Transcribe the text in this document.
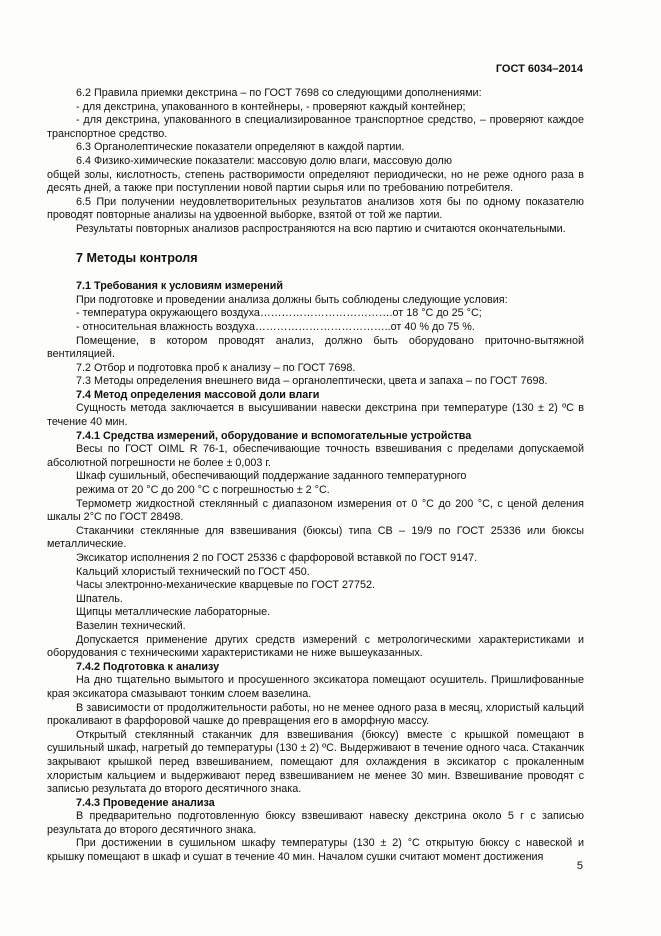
ГОСТ 6034–2014

6.2 Правила приемки декстрина – по ГОСТ 7698 со следующими дополнениями:

- для декстрина, упакованного в контейнеры, - проверяют каждый контейнер;

- для декстрина, упакованного в специализированное транспортное средство, – проверяют каждое транспортное средство.

6.3 Органолептические показатели определяют в каждой партии.

6.4 Физико-химические показатели: массовую долю влаги, массовую долю

общей золы, кислотность, степень растворимости определяют периодически, но не реже одного раза в десять дней, а также при поступлении новой партии сырья или по требованию потребителя.

6.5 При получении неудовлетворительных результатов анализов хотя бы по одному показателю проводят повторные анализы на удвоенной выборке, взятой от той же партии.

Результаты повторных анализов распространяются на всю партию и считаются окончательными.

7 Методы контроля

7.1 Требования к условиям измерений

При подготовке и проведении анализа должны быть соблюдены следующие условия:

- температура окружающего воздуха……………………………….от 18 °С до 25 °С;

- относительная влажность воздуха………………………………..от 40 % до 75 %.

Помещение, в котором проводят анализ, должно быть оборудовано приточно-вытяжной вентиляцией.

7.2 Отбор и подготовка проб к анализу – по ГОСТ 7698.

7.3 Методы определения внешнего вида – органолептически, цвета и запаха – по ГОСТ 7698.

7.4 Метод определения массовой доли влаги

Сущность метода заключается в высушивании навески декстрина при температуре (130 ± 2) ºС в течение 40 мин.

7.4.1 Средства измерений, оборудование и вспомогательные устройства

Весы по ГОСТ OIML R 76-1, обеспечивающие точность взвешивания с пределами допускаемой абсолютной погрешности не более ± 0,003 г.

Шкаф сушильный, обеспечивающий поддержание заданного температурного

режима от 20 °С до 200 °С с погрешностью ± 2 °С.

Термометр жидкостной стеклянный с диапазоном измерения от 0 °С до 200 °С, с ценой деления шкалы 2°С по ГОСТ 28498.

Стаканчики стеклянные для взвешивания (бюксы) типа СВ – 19/9 по ГОСТ 25336 или бюксы металлические.

Эксикатор исполнения 2 по ГОСТ 25336 с фарфоровой вставкой по ГОСТ 9147.

Кальций хлористый технический по ГОСТ 450.

Часы электронно-механические кварцевые по ГОСТ 27752.

Шпатель.

Щипцы металлические лабораторные.

Вазелин технический.

Допускается применение других средств измерений с метрологическими характеристиками и оборудования с техническими характеристиками не ниже вышеуказанных.

7.4.2 Подготовка к анализу

На дно тщательно вымытого и просушенного эксикатора помещают осушитель. Пришлифованные края эксикатора смазывают тонким слоем вазелина.

В зависимости от продолжительности работы, но не менее одного раза в месяц, хлористый кальций прокаливают в фарфоровой чашке до превращения его в аморфную массу.

Открытый стеклянный стаканчик для взвешивания (бюксу) вместе с крышкой помещают в сушильный шкаф, нагретый до температуры (130 ± 2) ºС. Выдерживают в течение одного часа. Стаканчик закрывают крышкой перед взвешиванием, помещают для охлаждения в эксикатор с прокаленным хлористым кальцием и выдерживают перед взвешиванием не менее 30 мин. Взвешивание проводят с записью результата до второго десятичного знака.

7.4.3 Проведение анализа

В предварительно подготовленную бюксу взвешивают навеску декстрина около 5 г с записью результата до второго десятичного знака.

При достижении в сушильном шкафу температуры (130 ± 2) °С открытую бюксу с навеской и крышку помещают в шкаф и сушат в течение 40 мин. Началом сушки считают момент достижения

5
